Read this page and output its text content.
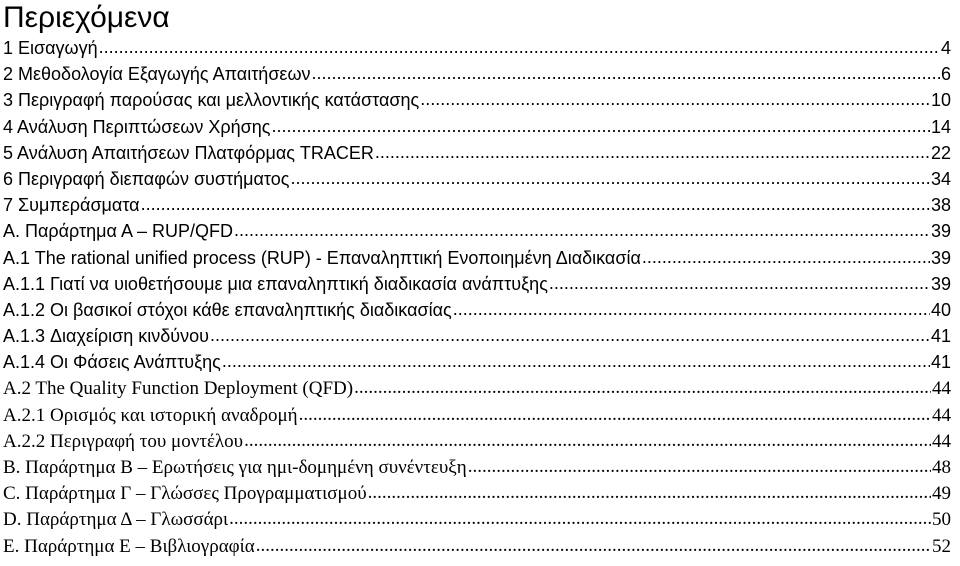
Περιεχόμενα
1 Εισαγωγή .....	4
2 Μεθοδολογία Εξαγωγής Απαιτήσεων .....	6
3 Περιγραφή παρούσας και μελλοντικής κατάστασης .....	10
4 Ανάλυση Περιπτώσεων Χρήσης .....	14
5 Ανάλυση Απαιτήσεων Πλατφόρμας TRACER .....	22
6 Περιγραφή διεπαφών συστήματος .....	34
7 Συμπεράσματα .....	38
A. Παράρτημα Α – RUP/QFD .....	39
A.1 The rational unified process (RUP) - Επαναληπτική Ενοποιημένη Διαδικασία .....	39
A.1.1 Γιατί να υιοθετήσουμε μια επαναληπτική διαδικασία ανάπτυξης .....	39
A.1.2 Οι βασικοί στόχοι κάθε επαναληπτικής διαδικασίας .....	40
A.1.3 Διαχείριση κινδύνου .....	41
A.1.4 Οι Φάσεις Ανάπτυξης .....	41
A.2 The Quality Function Deployment (QFD) .....	44
A.2.1 Ορισμός και ιστορική αναδρομή .....	44
A.2.2 Περιγραφή του μοντέλου .....	44
B. Παράρτημα Β – Ερωτήσεις για ημι-δομημένη συνέντευξη .....	48
C. Παράρτημα Γ – Γλώσσες Προγραμματισμού .....	49
D. Παράρτημα Δ – Γλωσσάρι .....	50
E. Παράρτημα Ε – Βιβλιογραφία .....	52
